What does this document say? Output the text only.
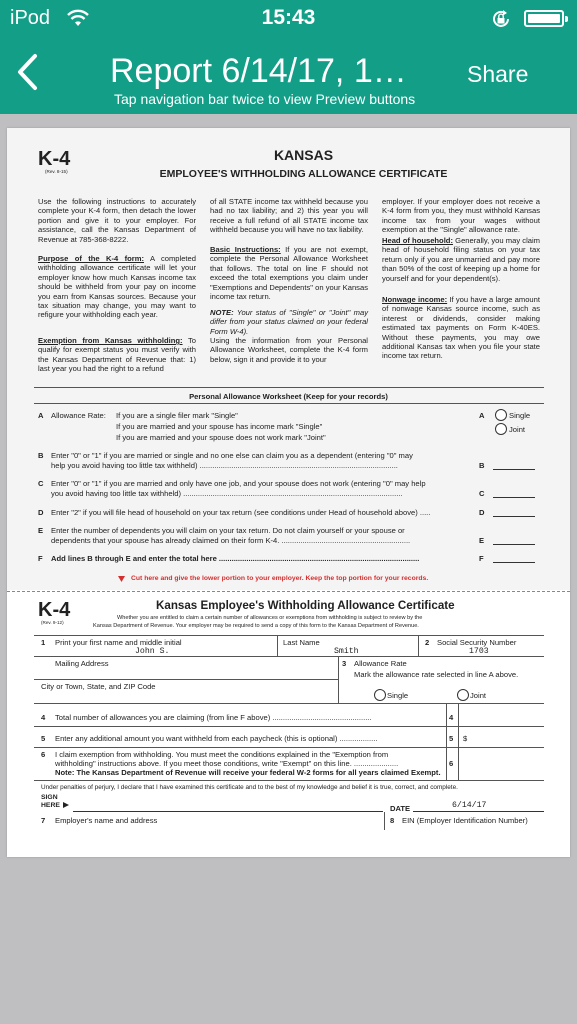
iPod	15:43
Report 6/14/17, 1…	Share
Tap navigation bar twice to view Preview buttons
K-4
(Rev. 8-15)
KANSAS
EMPLOYEE'S WITHHOLDING ALLOWANCE CERTIFICATE
Use the following instructions to accurately complete your K-4 form, then detach the lower portion and give it to your employer. For assistance, call the Kansas Department of Revenue at 785-368-8222.
Purpose of the K-4 form: A completed withholding allowance certificate will let your employer know how much Kansas income tax should be withheld from your pay on income you earn from Kansas sources. Because your tax situation may change, you may want to refigure your withholding each year.
Exemption from Kansas withholding: To qualify for exempt status you must verify with the Kansas Department of Revenue that: 1) last year you had the right to a refund
of all STATE income tax withheld because you had no tax liability; and 2) this year you will receive a full refund of all STATE income tax withheld because you will have no tax liability.
Basic Instructions: If you are not exempt, complete the Personal Allowance Worksheet that follows. The total on line F should not exceed the total exemptions you claim under "Exemptions and Dependents" on your Kansas income tax return.
NOTE: Your status of "Single" or "Joint" may differ from your status claimed on your federal Form W-4).
Using the information from your Personal Allowance Worksheet, complete the K-4 form below, sign it and provide it to your
employer. If your employer does not receive a K-4 form from you, they must withhold Kansas income tax from your wages without exemption at the "Single" allowance rate.
Head of household: Generally, you may claim head of household filing status on your tax return only if you are unmarried and pay more than 50% of the cost of keeping up a home for yourself and for your dependent(s).
Nonwage income: If you have a large amount of nonwage Kansas source income, such as interest or dividends, consider making estimated tax payments on Form K-40ES. Without these payments, you may owe additional Kansas tax when you file your state income tax return.
Personal Allowance Worksheet (Keep for your records)
A Allowance Rate: If you are a single filer mark "Single"
If you are married and your spouse has income mark "Single"
If you are married and your spouse does not work mark "Joint"
A	Single
Joint
B Enter "0" or "1" if you are married or single and no one else can claim you as a dependent (entering "0" may
help you avoid having too little tax withheld) ..............................................................................................	B
C Enter "0" or "1" if you are married and only have one job, and your spouse does not work (entering "0" may help
you avoid having too little tax withheld) ........................................................................................................	C
D Enter "2" if you will file head of household on your tax return (see conditions under Head of household above) .....	D
E Enter the number of dependents you will claim on your tax return. Do not claim yourself or your spouse or
dependents that your spouse has already claimed on their form K-4. .............................................................	E
F Add lines B through E and enter the total here ...............................................................................................	F
Cut here and give the lower portion to your employer. Keep the top portion for your records.
K-4
(Rev. 9-12)
Kansas Employee's Withholding Allowance Certificate
Whether you are entitled to claim a certain number of allowances or exemptions from withholding is subject to review by the
Kansas Department of Revenue. Your employer may be required to send a copy of this form to the Kansas Department of Revenue.
1 Print your first name and middle initial
John S.
Last Name
Smith
2 Social Security Number
1703
Mailing Address	3 Allowance Rate
Mark the allowance rate selected in line A above.
City or Town, State, and ZIP Code
Single	Joint
4 Total number of allowances you are claiming (from line F above) ...............................................	4
5 Enter any additional amount you want withheld from each paycheck (this is optional) ..................	5 $
6 I claim exemption from withholding. You must meet the conditions explained in the "Exemption from
withholding" instructions above. If you meet those conditions, write "Exempt" on this line. .....................
Note: The Kansas Department of Revenue will receive your federal W-2 forms for all years claimed Exempt.
6
Under penalties of perjury, I declare that I have examined this certificate and to the best of my knowledge and belief it is true, correct, and complete.
SIGN
HERE	DATE	6/14/17
7 Employer's name and address	8 EIN (Employer Identification Number)
